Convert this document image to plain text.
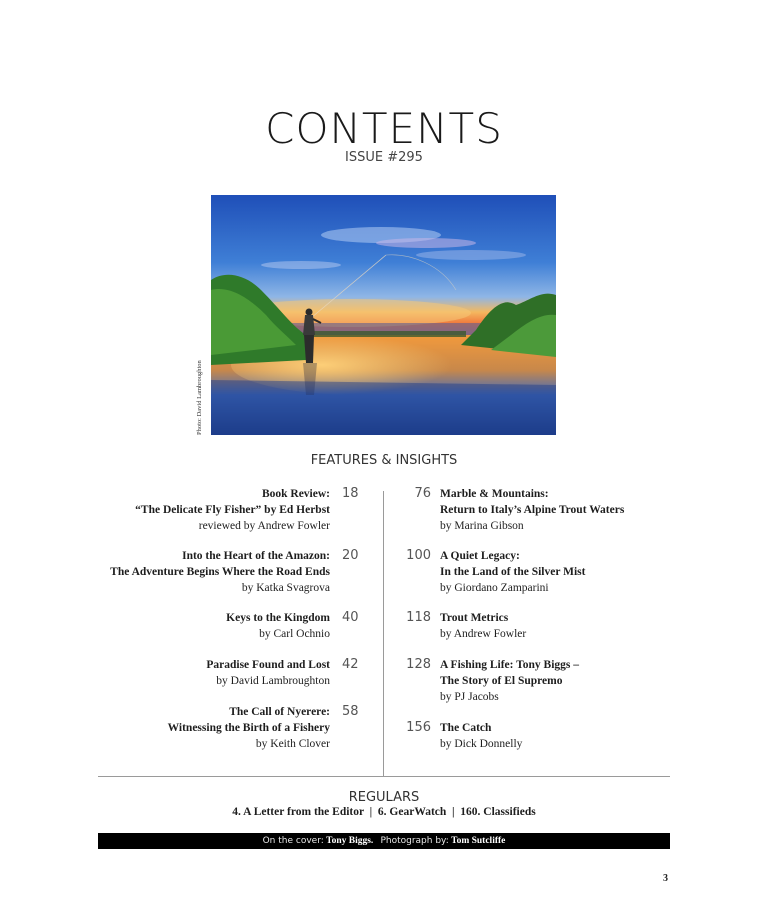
CONTENTS
ISSUE #295
Photo: David Lambroughton
FEATURES & INSIGHTS
18
Book Review:
“The Delicate Fly Fisher” by Ed Herbst
reviewed by Andrew Fowler
20
Into the Heart of the Amazon:
The Adventure Begins Where the Road Ends
by Katka Svagrova
40
Keys to the Kingdom
by Carl Ochnio
42
Paradise Found and Lost
by David Lambroughton
58
The Call of Nyerere:
Witnessing the Birth of a Fishery
by Keith Clover
76 Marble & Mountains:
Return to Italy’s Alpine Trout Waters
by Marina Gibson
100 A Quiet Legacy:
In the Land of the Silver Mist
by Giordano Zamparini
118 Trout Metrics
by Andrew Fowler
128 A Fishing Life: Tony Biggs –
The Story of El Supremo
by PJ Jacobs
156 The Catch
by Dick Donnelly
REGULARS
4. A Letter from the Editor  |  6. GearWatch  |  160. Classifieds
On the cover: Tony Biggs. Photograph by: Tom Sutcliffe
3
